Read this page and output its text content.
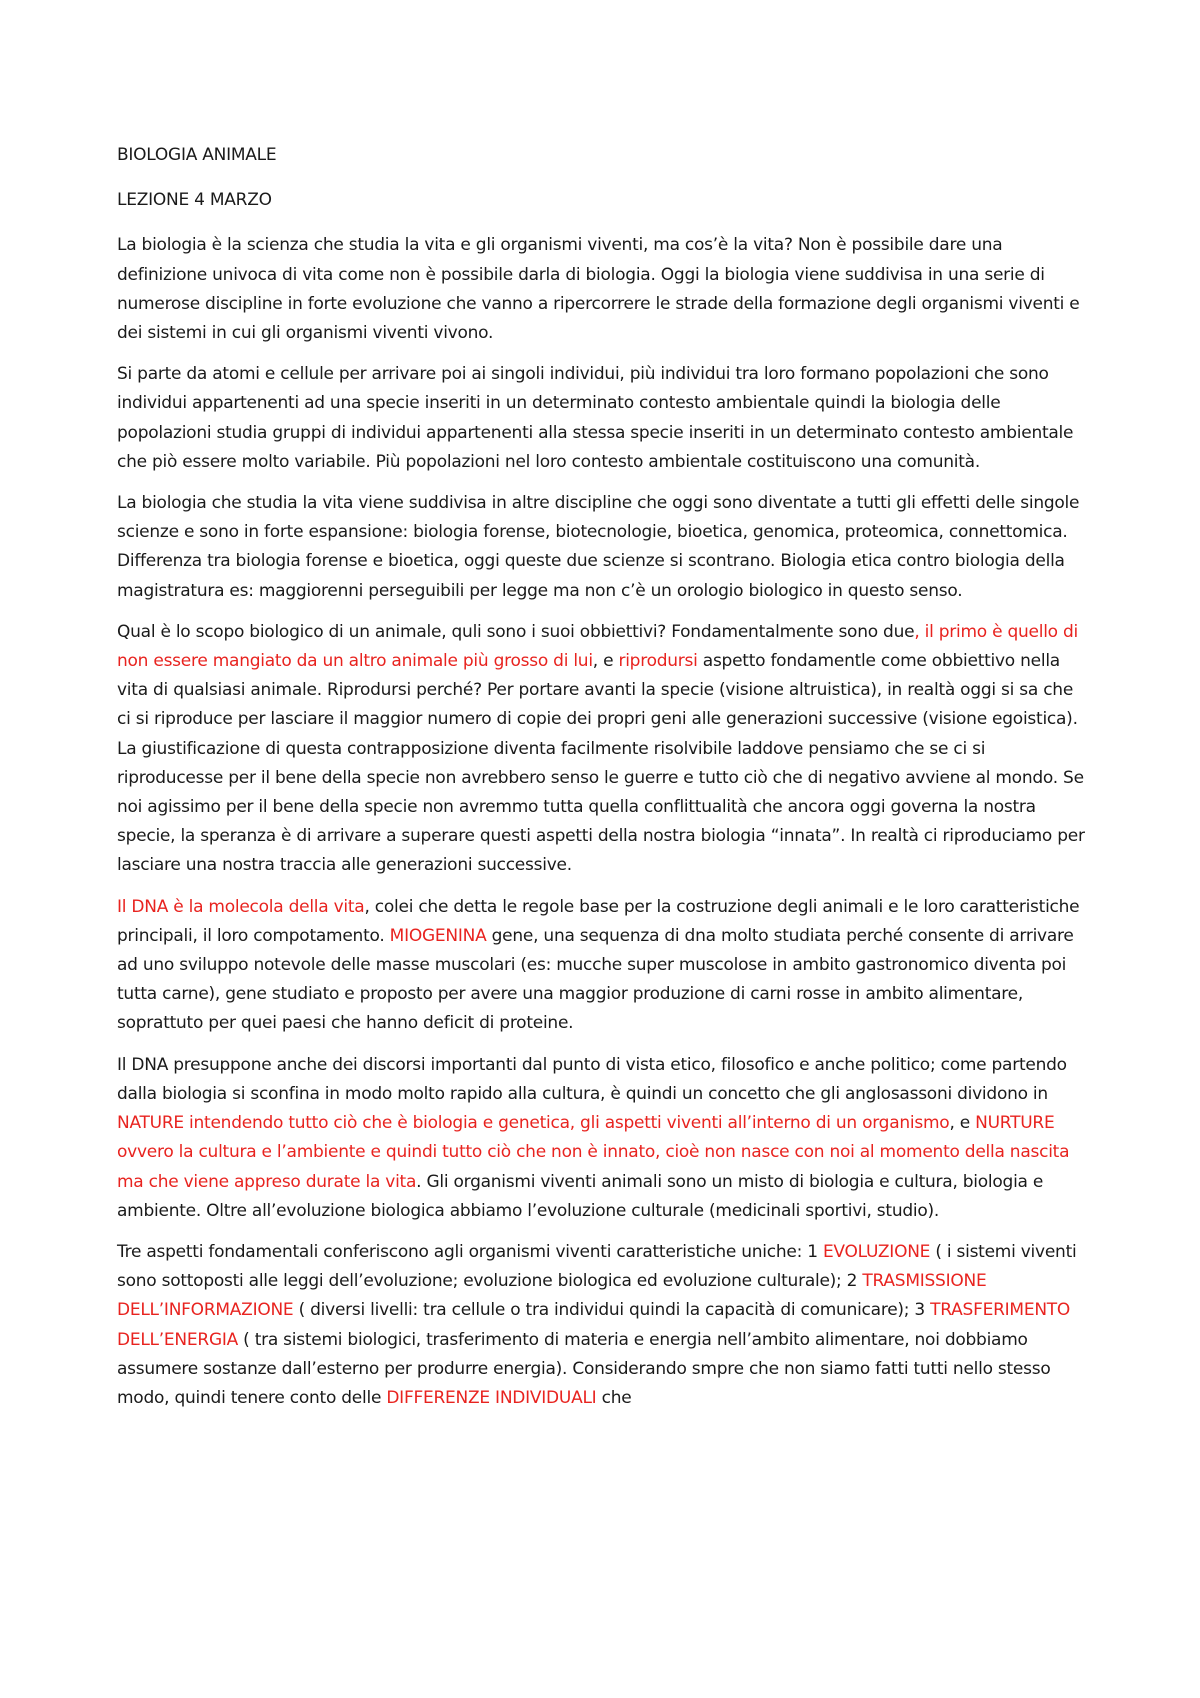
BIOLOGIA ANIMALE

LEZIONE 4 MARZO

La biologia è la scienza che studia la vita e gli organismi viventi, ma cos’è la vita? Non è possibile dare una definizione univoca di vita come non è possibile darla di biologia. Oggi la biologia viene suddivisa in una serie di numerose discipline in forte evoluzione che vanno a ripercorrere le strade della formazione degli organismi viventi e dei sistemi in cui gli organismi viventi vivono.

Si parte da atomi e cellule per arrivare poi ai singoli individui, più individui tra loro formano popolazioni che sono individui appartenenti ad una specie inseriti in un determinato contesto ambientale quindi la biologia delle popolazioni studia gruppi di individui appartenenti alla stessa specie inseriti in un determinato contesto ambientale che piò essere molto variabile. Più popolazioni nel loro contesto ambientale costituiscono una comunità.

La biologia che studia la vita viene suddivisa in altre discipline che oggi sono diventate a tutti gli effetti delle singole scienze e sono in forte espansione: biologia forense, biotecnologie, bioetica, genomica, proteomica, connettomica. Differenza tra biologia forense e bioetica, oggi queste due scienze si scontrano. Biologia etica contro biologia della magistratura es: maggiorenni perseguibili per legge ma non c’è un orologio biologico in questo senso.

Qual è lo scopo biologico di un animale, quli sono i suoi obbiettivi? Fondamentalmente sono due, il primo è quello di non essere mangiato da un altro animale più grosso di lui, e riprodursi aspetto fondamentle come obbiettivo nella vita di qualsiasi animale. Riprodursi perché? Per portare avanti la specie (visione altruistica), in realtà oggi si sa che ci si riproduce per lasciare il maggior numero di copie dei propri geni alle generazioni successive (visione egoistica). La giustificazione di questa contrapposizione diventa facilmente risolvibile laddove pensiamo che se ci si riproducesse per il bene della specie non avrebbero senso le guerre e tutto ciò che di negativo avviene al mondo. Se noi agissimo per il bene della specie non avremmo tutta quella conflittualità che ancora oggi governa la nostra specie, la speranza è di arrivare a superare questi aspetti della nostra biologia “innata”. In realtà ci riproduciamo per lasciare una nostra traccia alle generazioni successive.

Il DNA è la molecola della vita, colei che detta le regole base per la costruzione degli animali e le loro caratteristiche principali, il loro compotamento. MIOGENINA gene, una sequenza di dna molto studiata perché consente di arrivare ad uno sviluppo notevole delle masse muscolari (es: mucche super muscolose in ambito gastronomico diventa poi tutta carne), gene studiato e proposto per avere una maggior produzione di carni rosse in ambito alimentare, soprattuto per quei paesi che hanno deficit di proteine.

Il DNA presuppone anche dei discorsi importanti dal punto di vista etico, filosofico e anche politico; come partendo dalla biologia si sconfina in modo molto rapido alla cultura, è quindi un concetto che gli anglosassoni dividono in NATURE intendendo tutto ciò che è biologia e genetica, gli aspetti viventi all’interno di un organismo, e NURTURE ovvero la cultura e l’ambiente e quindi tutto ciò che non è innato, cioè non nasce con noi al momento della nascita ma che viene appreso durate la vita. Gli organismi viventi animali sono un misto di biologia e cultura, biologia e ambiente. Oltre all’evoluzione biologica abbiamo l’evoluzione culturale (medicinali sportivi, studio).

Tre aspetti fondamentali conferiscono agli organismi viventi caratteristiche uniche: 1 EVOLUZIONE ( i sistemi viventi sono sottoposti alle leggi dell’evoluzione; evoluzione biologica ed evoluzione culturale); 2 TRASMISSIONE DELL’INFORMAZIONE ( diversi livelli: tra cellule o tra individui quindi la capacità di comunicare); 3 TRASFERIMENTO DELL’ENERGIA ( tra sistemi biologici, trasferimento di materia e energia nell’ambito alimentare, noi dobbiamo assumere sostanze dall’esterno per produrre energia). Considerando smpre che non siamo fatti tutti nello stesso modo, quindi tenere conto delle DIFFERENZE INDIVIDUALI che
